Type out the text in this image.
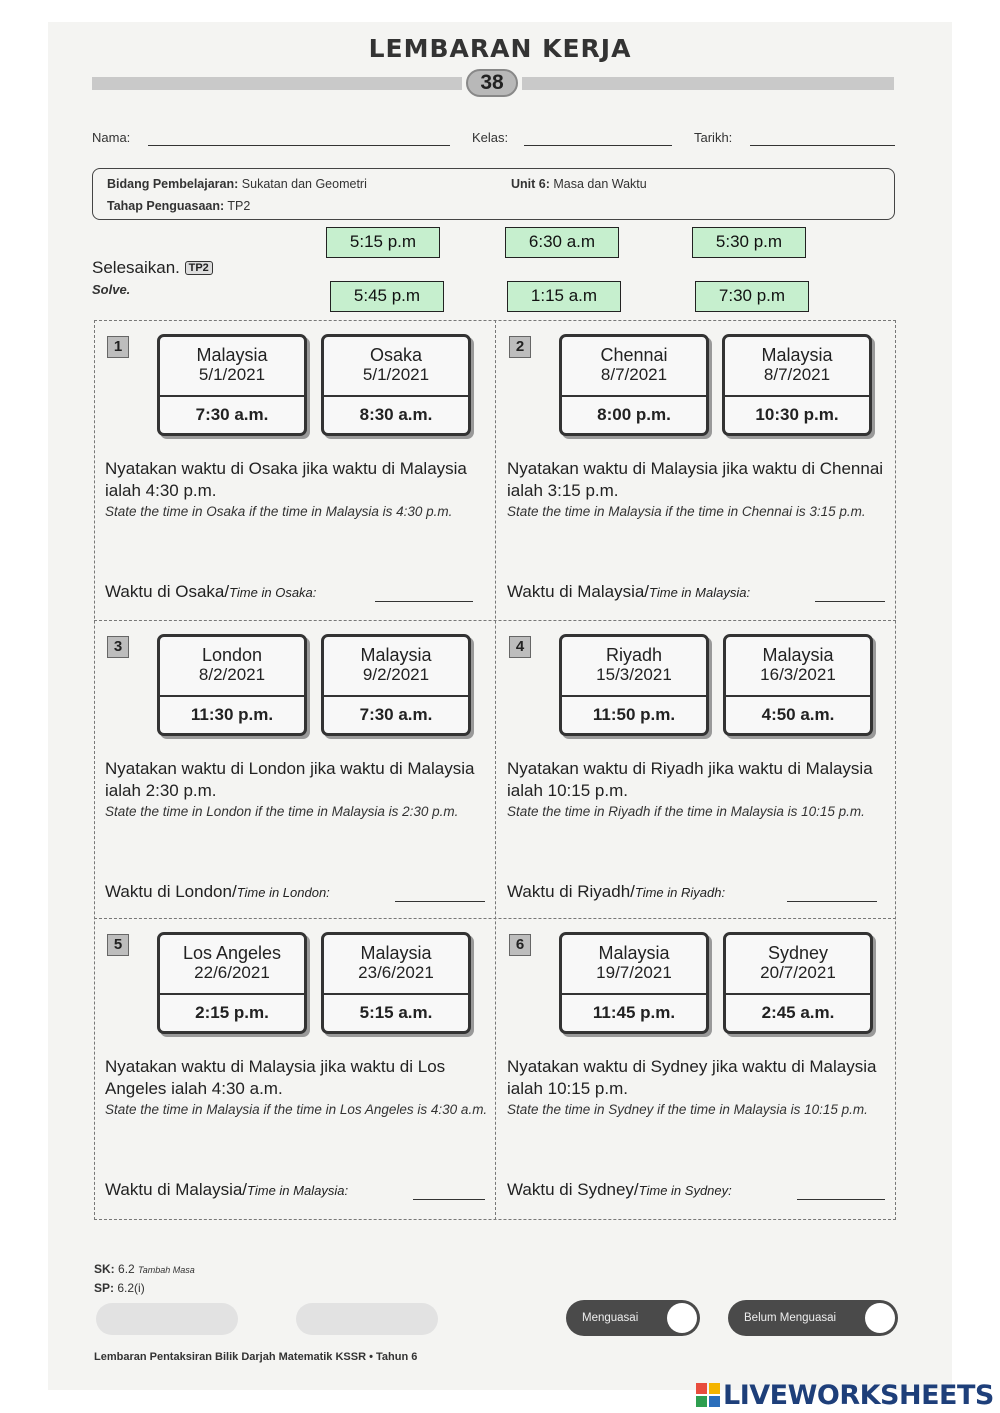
LEMBARAN KERJA
38
Nama:	Kelas:	Tarikh:
Bidang Pembelajaran: Sukatan dan Geometri
Tahap Penguasaan: TP2
Unit 6: Masa dan Waktu
5:15 p.m	6:30 a.m	5:30 p.m
5:45 p.m	1:15 a.m	7:30 p.m
Selesaikan. TP2
Solve.
1	Malaysia
5/1/2021
7:30 a.m.
Osaka
5/1/2021
8:30 a.m.
Nyatakan waktu di Osaka jika waktu di Malaysia ialah 4:30 p.m.
State the time in Osaka if the time in Malaysia is 4:30 p.m.
Waktu di Osaka/Time in Osaka:
2	Chennai
8/7/2021
8:00 p.m.
Malaysia
8/7/2021
10:30 p.m.
Nyatakan waktu di Malaysia jika waktu di Chennai ialah 3:15 p.m.
State the time in Malaysia if the time in Chennai is 3:15 p.m.
Waktu di Malaysia/Time in Malaysia:
3	London
8/2/2021
11:30 p.m.
Malaysia
9/2/2021
7:30 a.m.
Nyatakan waktu di London jika waktu di Malaysia ialah 2:30 p.m.
State the time in London if the time in Malaysia is 2:30 p.m.
Waktu di London/Time in London:
4	Riyadh
15/3/2021
11:50 p.m.
Malaysia
16/3/2021
4:50 a.m.
Nyatakan waktu di Riyadh jika waktu di Malaysia ialah 10:15 p.m.
State the time in Riyadh if the time in Malaysia is 10:15 p.m.
Waktu di Riyadh/Time in Riyadh:
5	Los Angeles
22/6/2021
2:15 p.m.
Malaysia
23/6/2021
5:15 a.m.
Nyatakan waktu di Malaysia jika waktu di Los Angeles ialah 4:30 a.m.
State the time in Malaysia if the time in Los Angeles is 4:30 a.m.
Waktu di Malaysia/Time in Malaysia:
6	Malaysia
19/7/2021
11:45 p.m.
Sydney
20/7/2021
2:45 a.m.
Nyatakan waktu di Sydney jika waktu di Malaysia ialah 10:15 p.m.
State the time in Sydney if the time in Malaysia is 10:15 p.m.
Waktu di Sydney/Time in Sydney:
SK: 6.2 Tambah Masa
SP: 6.2(i)
Menguasai	Belum Menguasai
Lembaran Pentaksiran Bilik Darjah Matematik KSSR • Tahun 6
LIVEWORKSHEETS
